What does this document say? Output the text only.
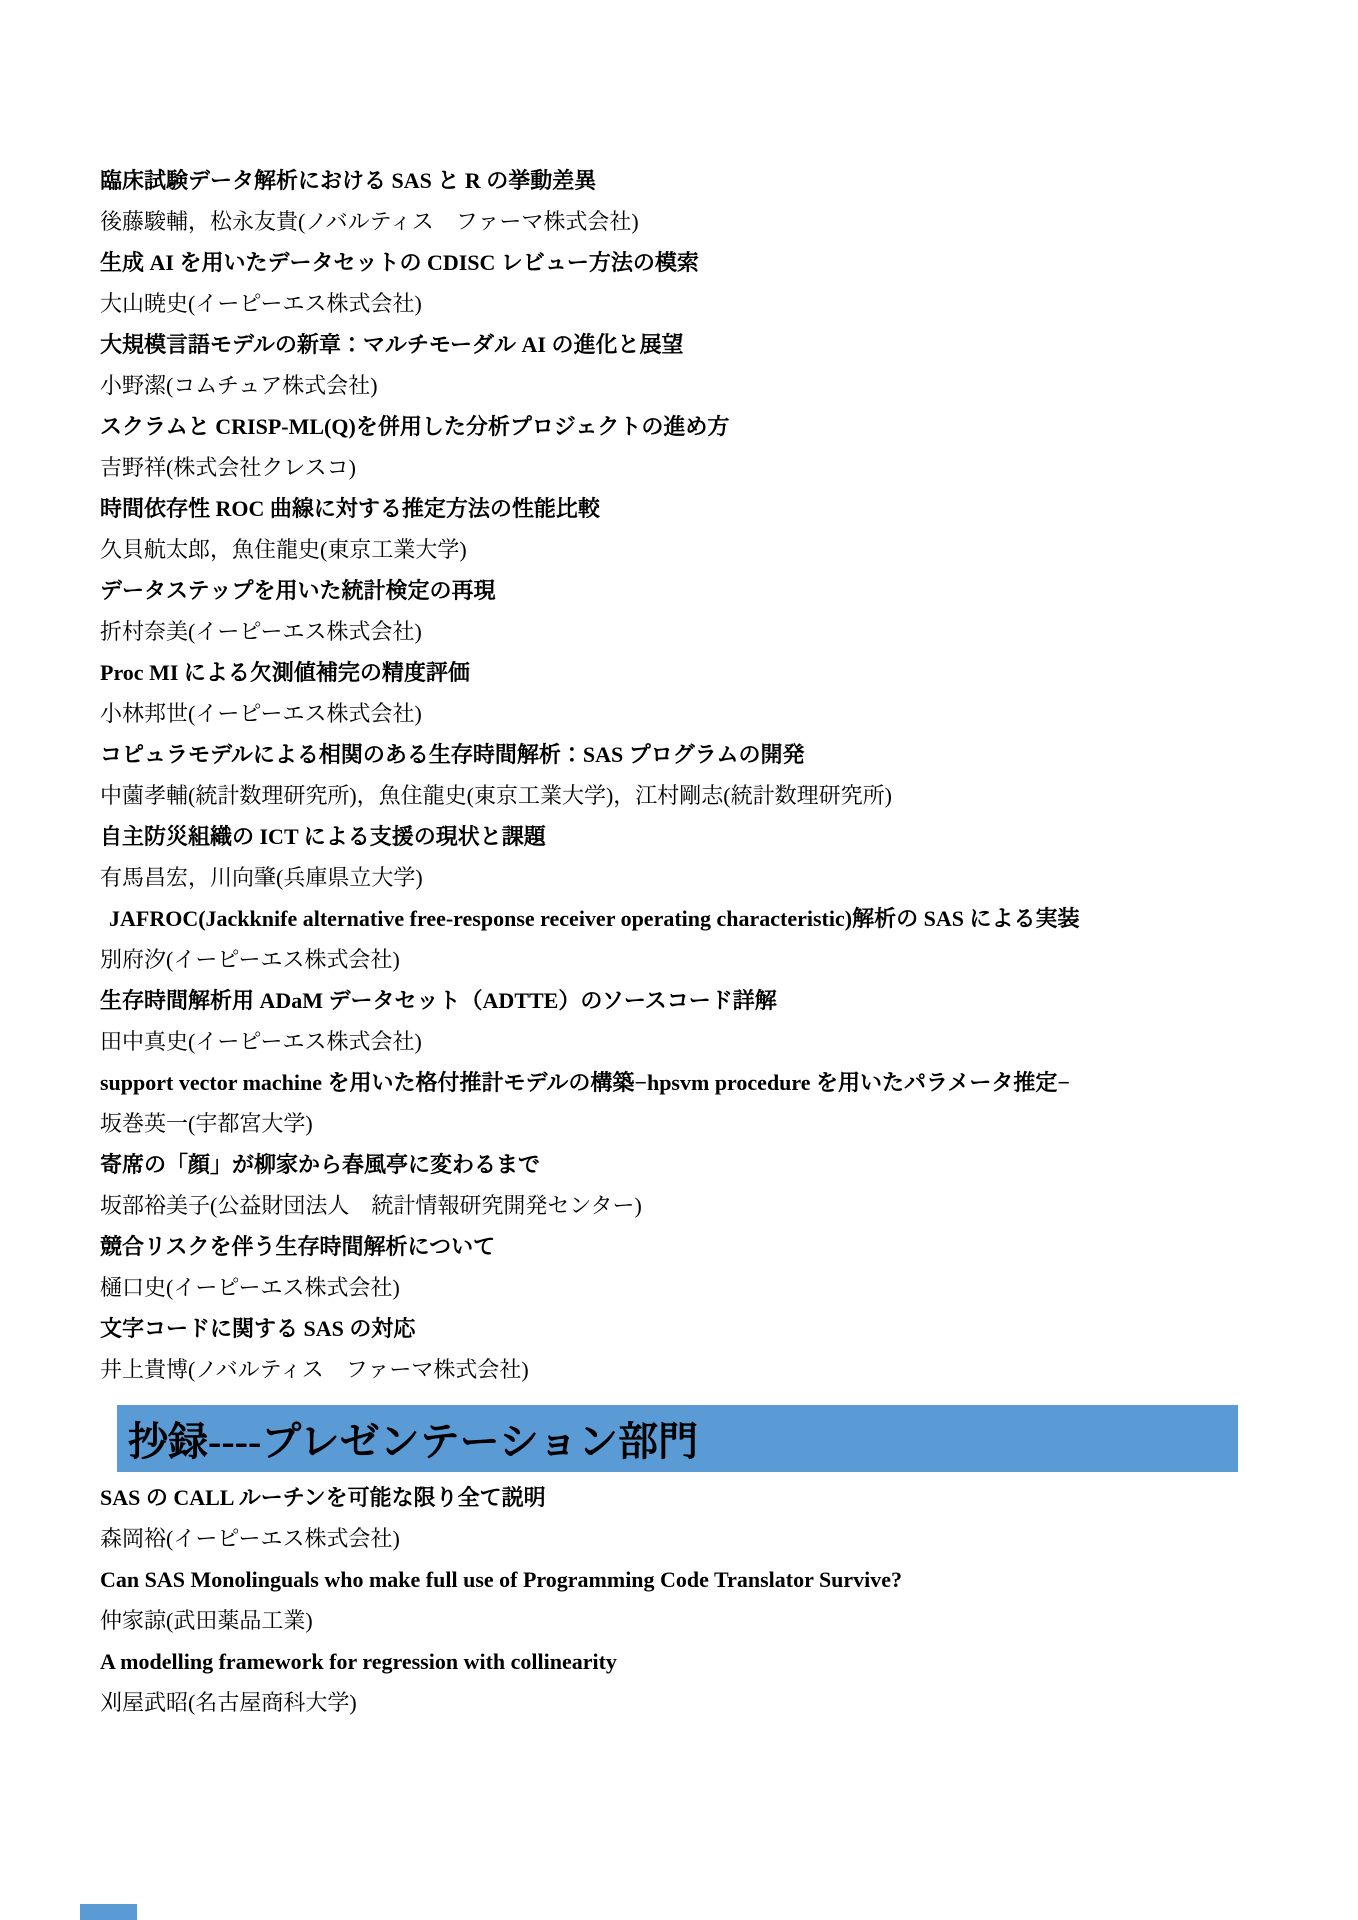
臨床試験データ解析における SAS と R の挙動差異
後藤駿輔，松永友貴(ノバルティス　ファーマ株式会社)
生成 AI を用いたデータセットの CDISC レビュー方法の模索
大山暁史(イーピーエス株式会社)
大規模言語モデルの新章：マルチモーダル AI の進化と展望
小野潔(コムチュア株式会社)
スクラムと CRISP-ML(Q)を併用した分析プロジェクトの進め方
吉野祥(株式会社クレスコ)
時間依存性 ROC 曲線に対する推定方法の性能比較
久貝航太郎，魚住龍史(東京工業大学)
データステップを用いた統計検定の再現
折村奈美(イーピーエス株式会社)
Proc MI による欠測値補完の精度評価
小林邦世(イーピーエス株式会社)
コピュラモデルによる相関のある生存時間解析：SAS プログラムの開発
中薗孝輔(統計数理研究所)，魚住龍史(東京工業大学)，江村剛志(統計数理研究所)
自主防災組織の ICT による支援の現状と課題
有馬昌宏，川向肇(兵庫県立大学)
JAFROC(Jackknife alternative free-response receiver operating characteristic)解析の SAS による実装
別府汐(イーピーエス株式会社)
生存時間解析用 ADaM データセット（ADTTE）のソースコード詳解
田中真史(イーピーエス株式会社)
support vector machine を用いた格付推計モデルの構築−hpsvm procedure を用いたパラメータ推定−
坂巻英一(宇都宮大学)
寄席の「顔」が柳家から春風亭に変わるまで
坂部裕美子(公益財団法人　統計情報研究開発センター)
競合リスクを伴う生存時間解析について
樋口史(イーピーエス株式会社)
文字コードに関する SAS の対応
井上貴博(ノバルティス　ファーマ株式会社)
抄録----プレゼンテーション部門
SAS の CALL ルーチンを可能な限り全て説明
森岡裕(イーピーエス株式会社)
Can SAS Monolinguals who make full use of Programming Code Translator Survive?
仲家諒(武田薬品工業)
A modelling framework for regression with collinearity
刈屋武昭(名古屋商科大学)
